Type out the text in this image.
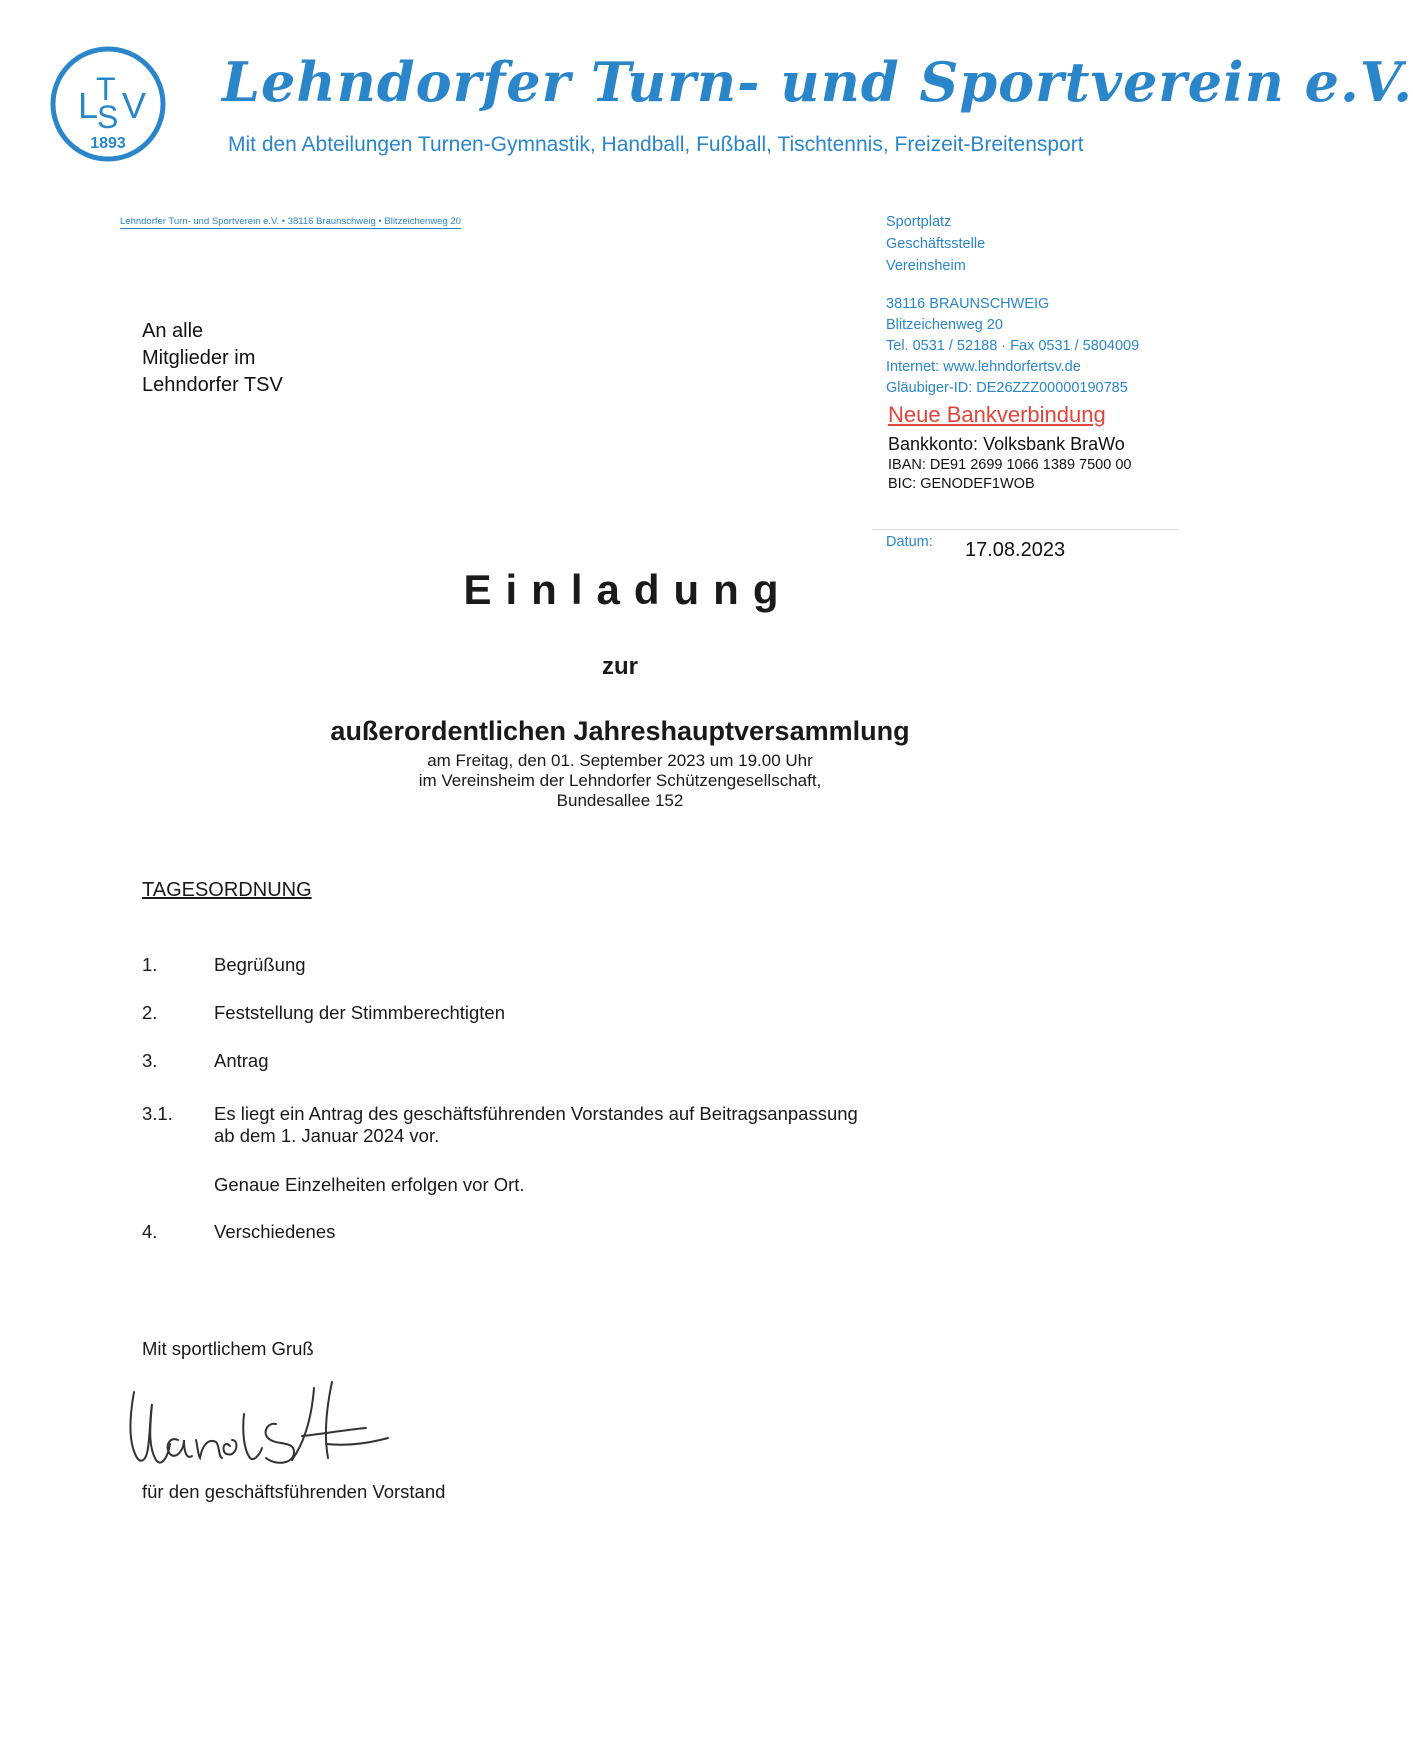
L
T
S V
1893
Lehndorfer Turn- und Sportverein e.V.
Mit den Abteilungen Turnen-Gymnastik, Handball, Fußball, Tischtennis, Freizeit-Breitensport
Lehndorfer Turn- und Sportverein e.V. • 38116 Braunschweig • Blitzeichenweg 20
An alle
Mitglieder im
Lehndorfer TSV
Sportplatz
Geschäftsstelle
Vereinsheim
38116 BRAUNSCHWEIG
Blitzeichenweg 20
Tel. 0531 / 52188 · Fax 0531 / 5804009
Internet: www.lehndorfertsv.de
Gläubiger-ID: DE26ZZZ00000190785
Neue Bankverbindung
Bankkonto: Volksbank BraWo
IBAN: DE91 2699 1066 1389 7500 00
BIC: GENODEF1WOB
Datum: 17.08.2023
Einladung
zur
außerordentlichen Jahreshauptversammlung
am Freitag, den 01. September 2023 um 19.00 Uhr
im Vereinsheim der Lehndorfer Schützengesellschaft,
Bundesallee 152
TAGESORDNUNG
1.	Begrüßung
2.	Feststellung der Stimmberechtigten
3.	Antrag
3.1. Es liegt ein Antrag des geschäftsführenden Vorstandes auf Beitragsanpassung
ab dem 1. Januar 2024 vor.
Genaue Einzelheiten erfolgen vor Ort.
4.	Verschiedenes
Mit sportlichem Gruß
für den geschäftsführenden Vorstand
